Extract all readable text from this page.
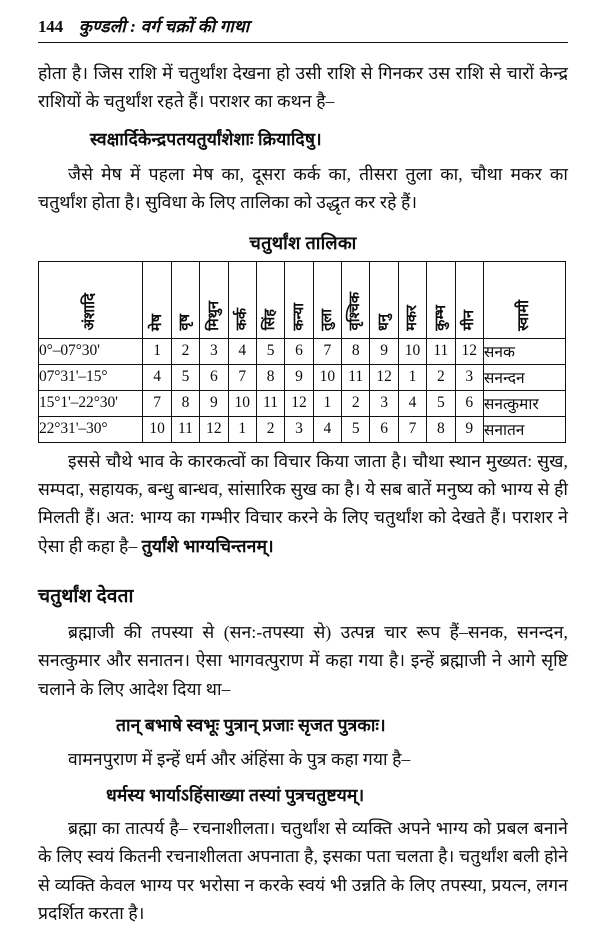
144 कुण्डली : वर्ग चक्रों की गाथा

होता है। जिस राशि में चतुर्थांश देखना हो उसी राशि से गिनकर उस राशि से चारों केन्द्र राशियों के चतुर्थांश रहते हैं। पराशर का कथन है–

स्वक्षार्दिकेन्द्रपतयतुर्यांशेशाः क्रियादिषु।

जैसे मेष में पहला मेष का, दूसरा कर्क का, तीसरा तुला का, चौथा मकर का चतुर्थांश होता है। सुविधा के लिए तालिका को उद्धृत कर रहे हैं।

चतुर्थांश तालिका
अंशादि	मेष	वृष	मिथुन	कर्क	सिंह	कन्या	तुला	वृश्चिक	धनु	मकर	कुम्भ	मीन	स्वामी
0°–07°30'	1	2	3	4	5	6	7	8	9	10	11	12	सनक
07°31'–15°	4	5	6	7	8	9	10	11	12	1	2	3	सनन्दन
15°1'–22°30'	7	8	9	10	11	12	1	2	3	4	5	6	सनत्कुमार
22°31'–30°	10	11	12	1	2	3	4	5	6	7	8	9	सनातन

इससे चौथे भाव के कारकत्वों का विचार किया जाता है। चौथा स्थान मुख्यत: सुख, सम्पदा, सहायक, बन्धु बान्धव, सांसारिक सुख का है। ये सब बातें मनुष्य को भाग्य से ही मिलती हैं। अत: भाग्य का गम्भीर विचार करने के लिए चतुर्थांश को देखते हैं। पराशर ने ऐसा ही कहा है– तुर्यांशे भाग्यचिन्तनम्।

चतुर्थांश देवता

ब्रह्माजी की तपस्या से (सन:-तपस्या से) उत्पन्न चार रूप हैं–सनक, सनन्दन, सनत्कुमार और सनातन। ऐसा भागवत्पुराण में कहा गया है। इन्हें ब्रह्माजी ने आगे सृष्टि चलाने के लिए आदेश दिया था–

तान् बभाषे स्वभूः पुत्रान् प्रजाः सृजत पुत्रकाः।

वामनपुराण में इन्हें धर्म और अंहिंसा के पुत्र कहा गया है–

धर्मस्य भार्याऽहिंसाख्या तस्यां पुत्रचतुष्टयम्।

ब्रह्मा का तात्पर्य है– रचनाशीलता। चतुर्थांश से व्यक्ति अपने भाग्य को प्रबल बनाने के लिए स्वयं कितनी रचनाशीलता अपनाता है, इसका पता चलता है। चतुर्थांश बली होने से व्यक्ति केवल भाग्य पर भरोसा न करके स्वयं भी उन्नति के लिए तपस्या, प्रयत्न, लगन प्रदर्शित करता है।
